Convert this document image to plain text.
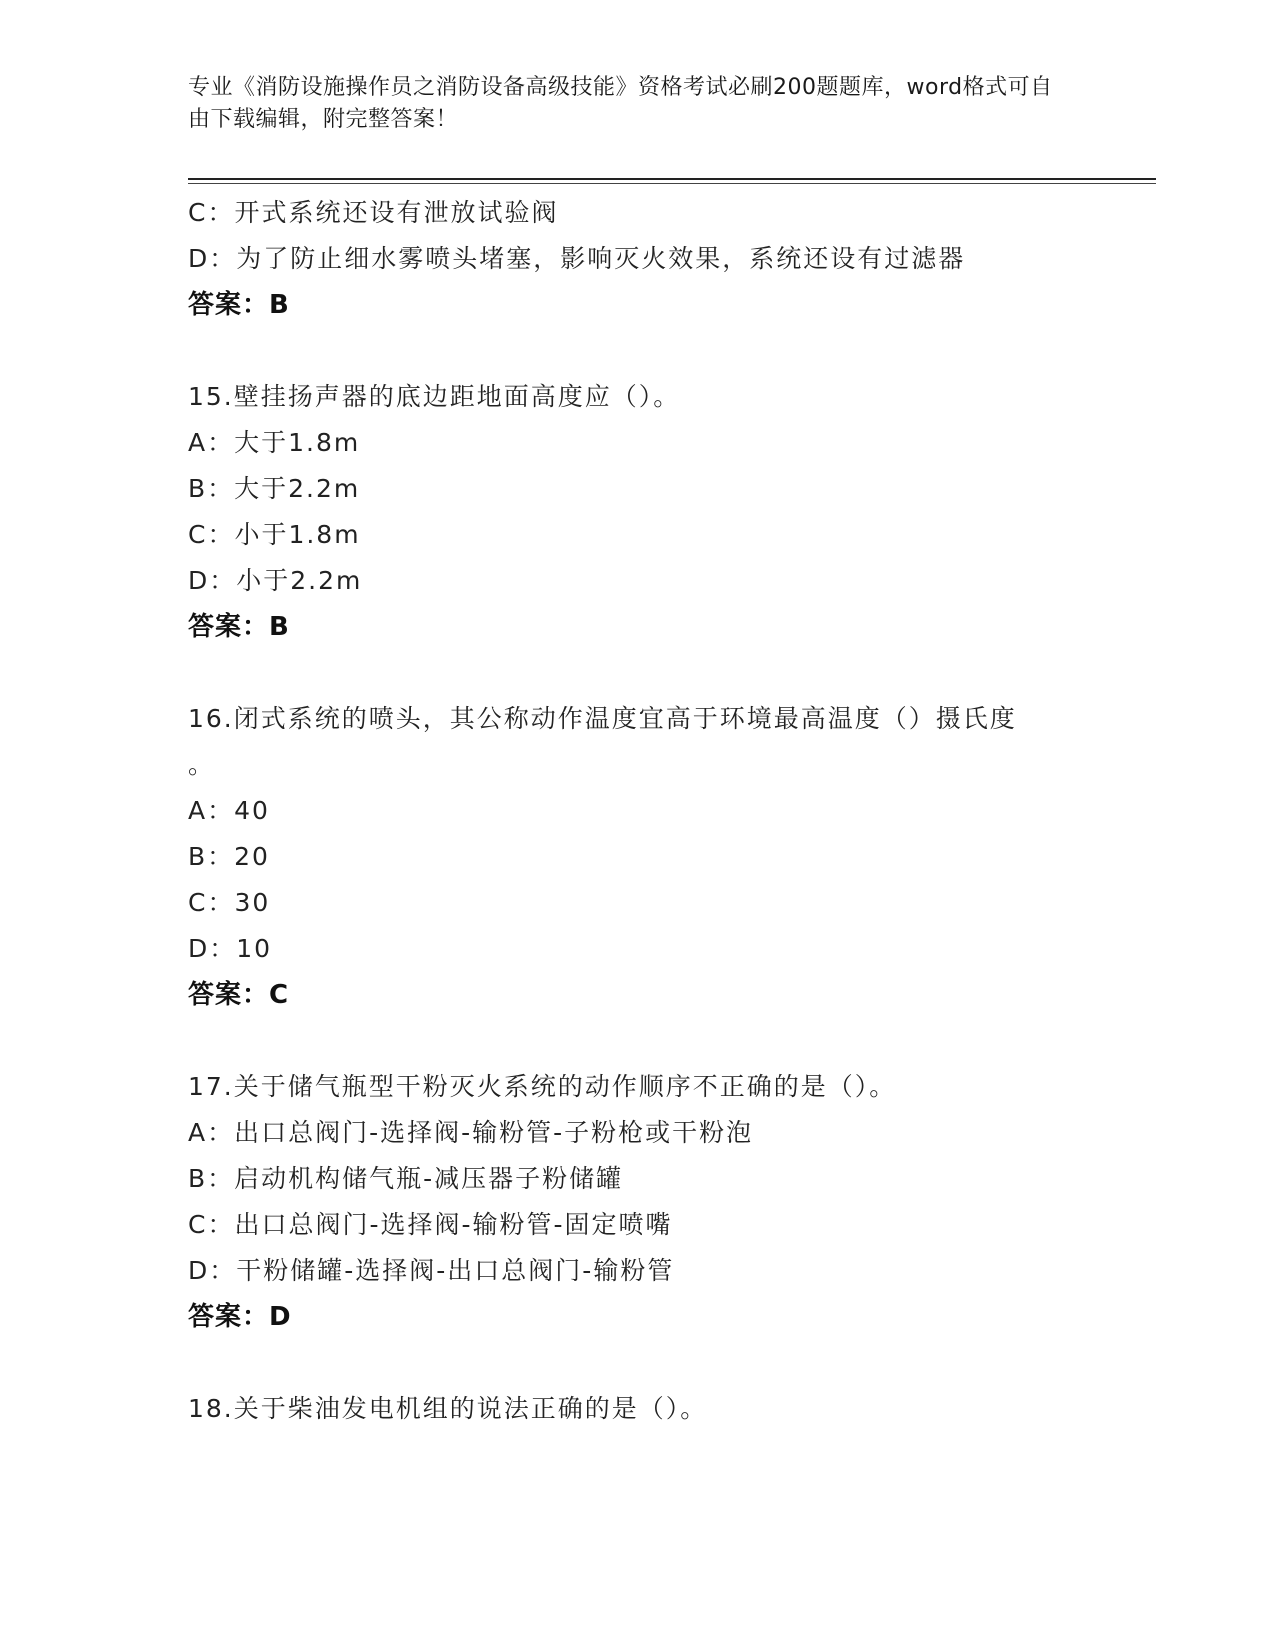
专业《消防设施操作员之消防设备高级技能》资格考试必刷200题题库，word格式可自由下载编辑，附完整答案！
C：开式系统还设有泄放试验阀
D：为了防止细水雾喷头堵塞，影响灭火效果，系统还设有过滤器
答案：B
15.壁挂扬声器的底边距地面高度应（）。
A：大于1.8m
B：大于2.2m
C：小于1.8m
D：小于2.2m
答案：B
16.闭式系统的喷头，其公称动作温度宜高于环境最高温度（）摄氏度
。
A：40
B：20
C：30
D：10
答案：C
17.关于储气瓶型干粉灭火系统的动作顺序不正确的是（）。
A：出口总阀门-选择阀-输粉管-子粉枪或干粉泡
B：启动机构储气瓶-减压器子粉储罐
C：出口总阀门-选择阀-输粉管-固定喷嘴
D：干粉储罐-选择阀-出口总阀门-输粉管
答案：D
18.关于柴油发电机组的说法正确的是（）。
